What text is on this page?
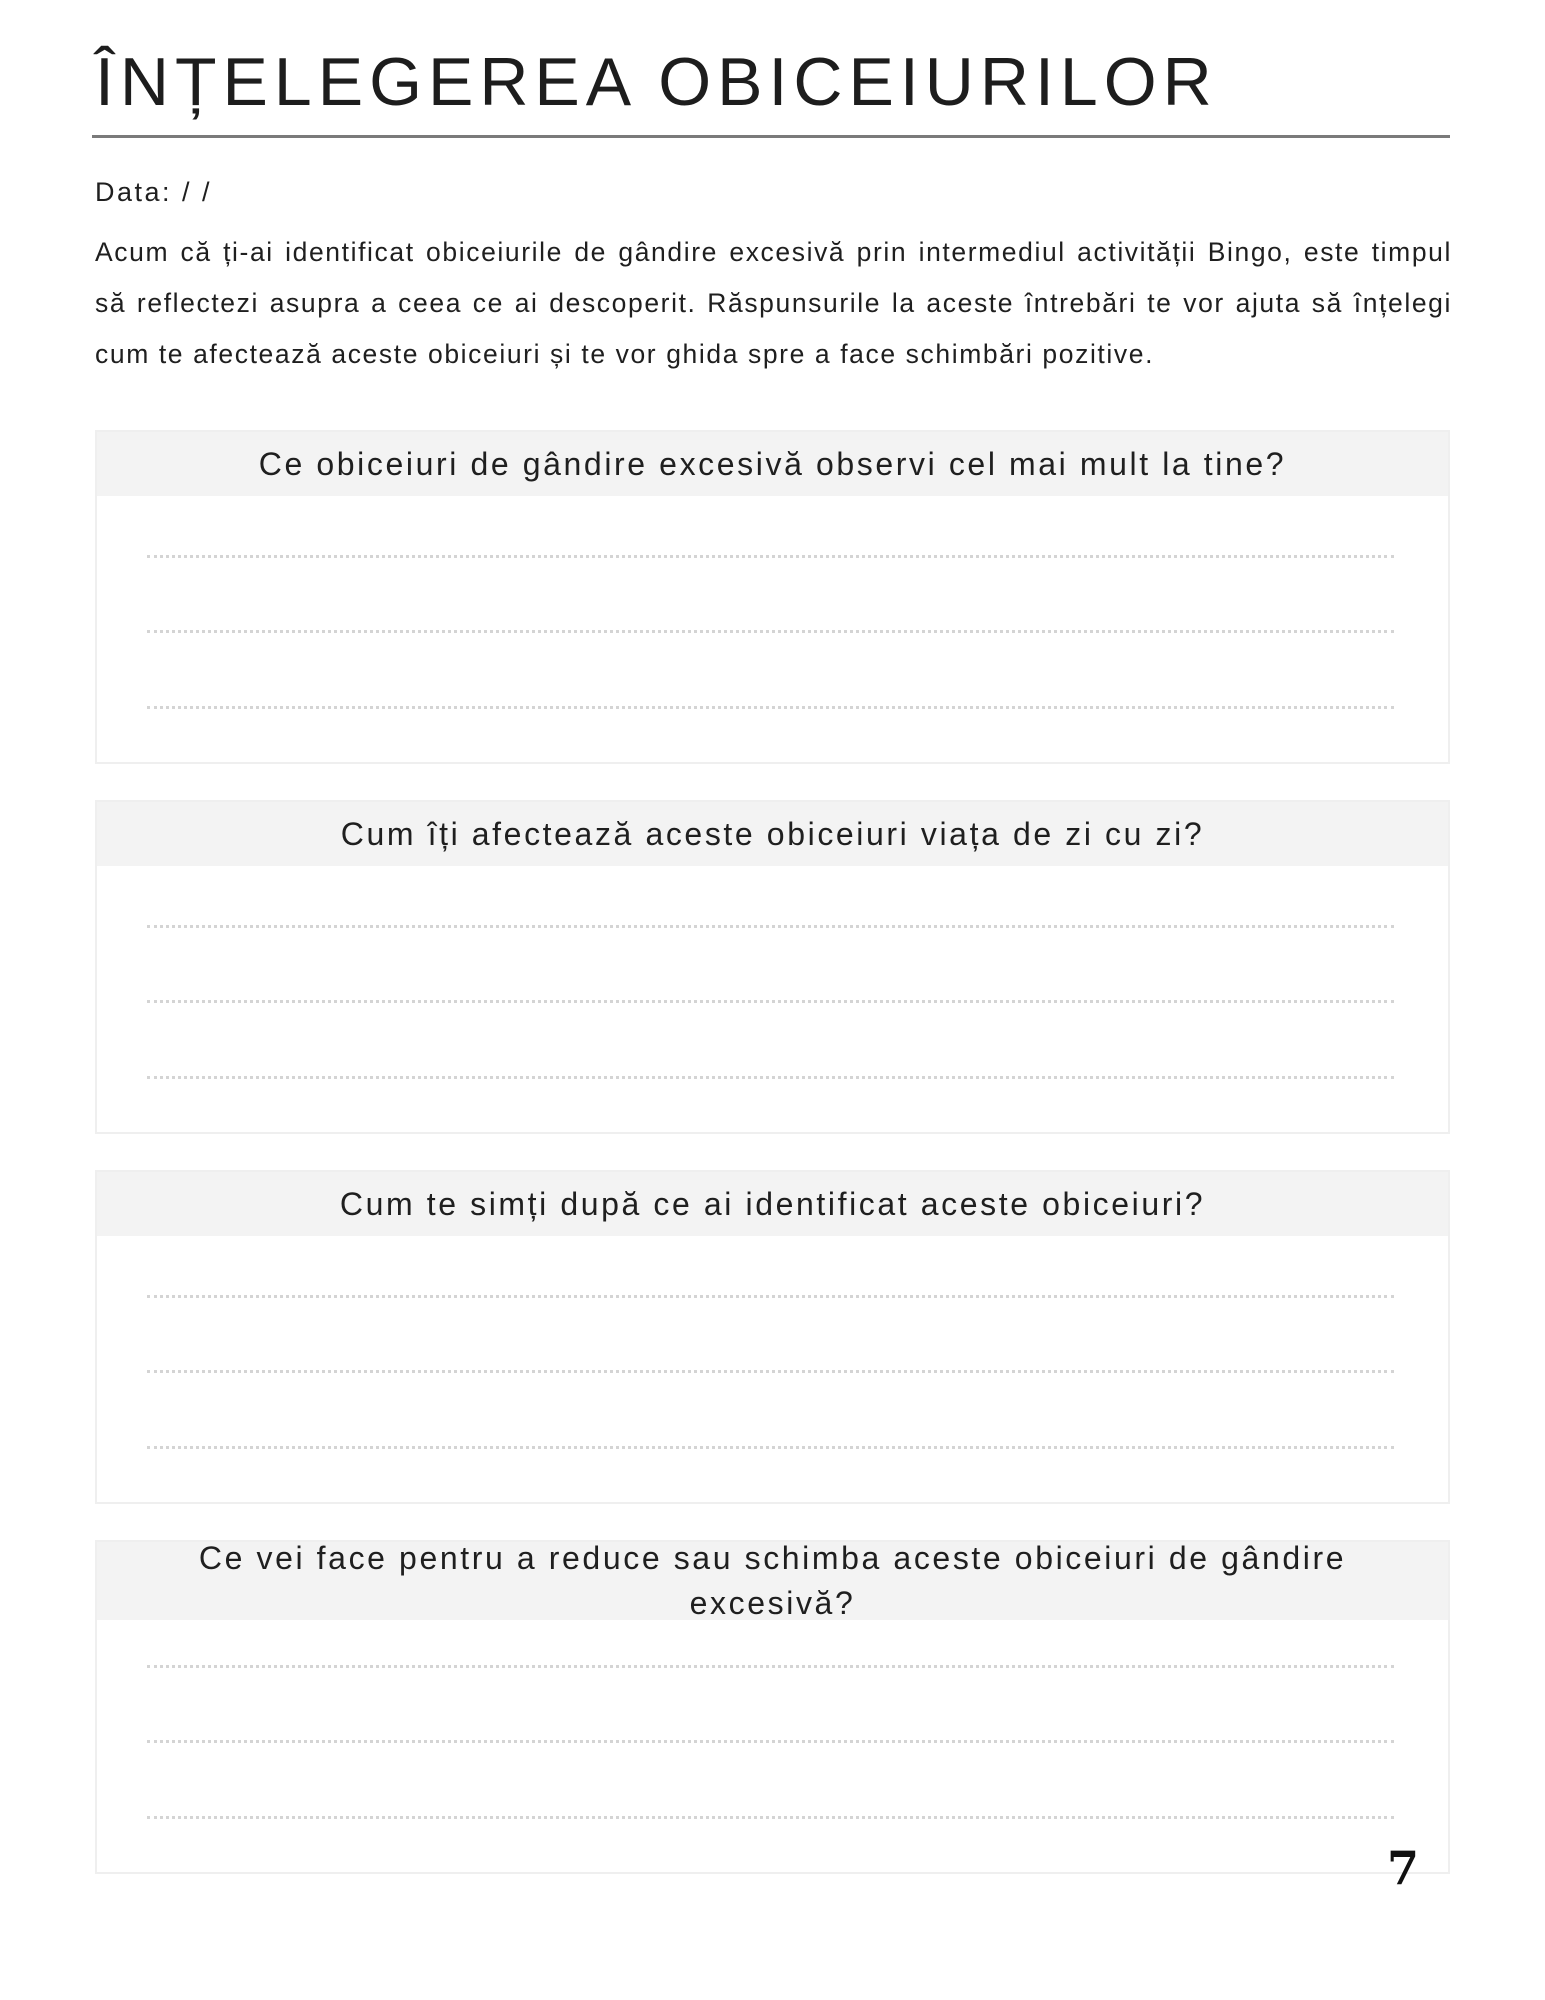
ÎNȚELEGEREA OBICEIURILOR
Data: / /

Acum că ți-ai identificat obiceiurile de gândire excesivă prin intermediul activității Bingo, este timpul să reflectezi asupra a ceea ce ai descoperit. Răspunsurile la aceste întrebări te vor ajuta să înțelegi cum te afectează aceste obiceiuri și te vor ghida spre a face schimbări pozitive.

Ce obiceiuri de gândire excesivă observi cel mai mult la tine?
Cum îți afectează aceste obiceiuri viața de zi cu zi?
Cum te simți după ce ai identificat aceste obiceiuri?
Ce vei face pentru a reduce sau schimba aceste obiceiuri de gândire excesivă?
7
